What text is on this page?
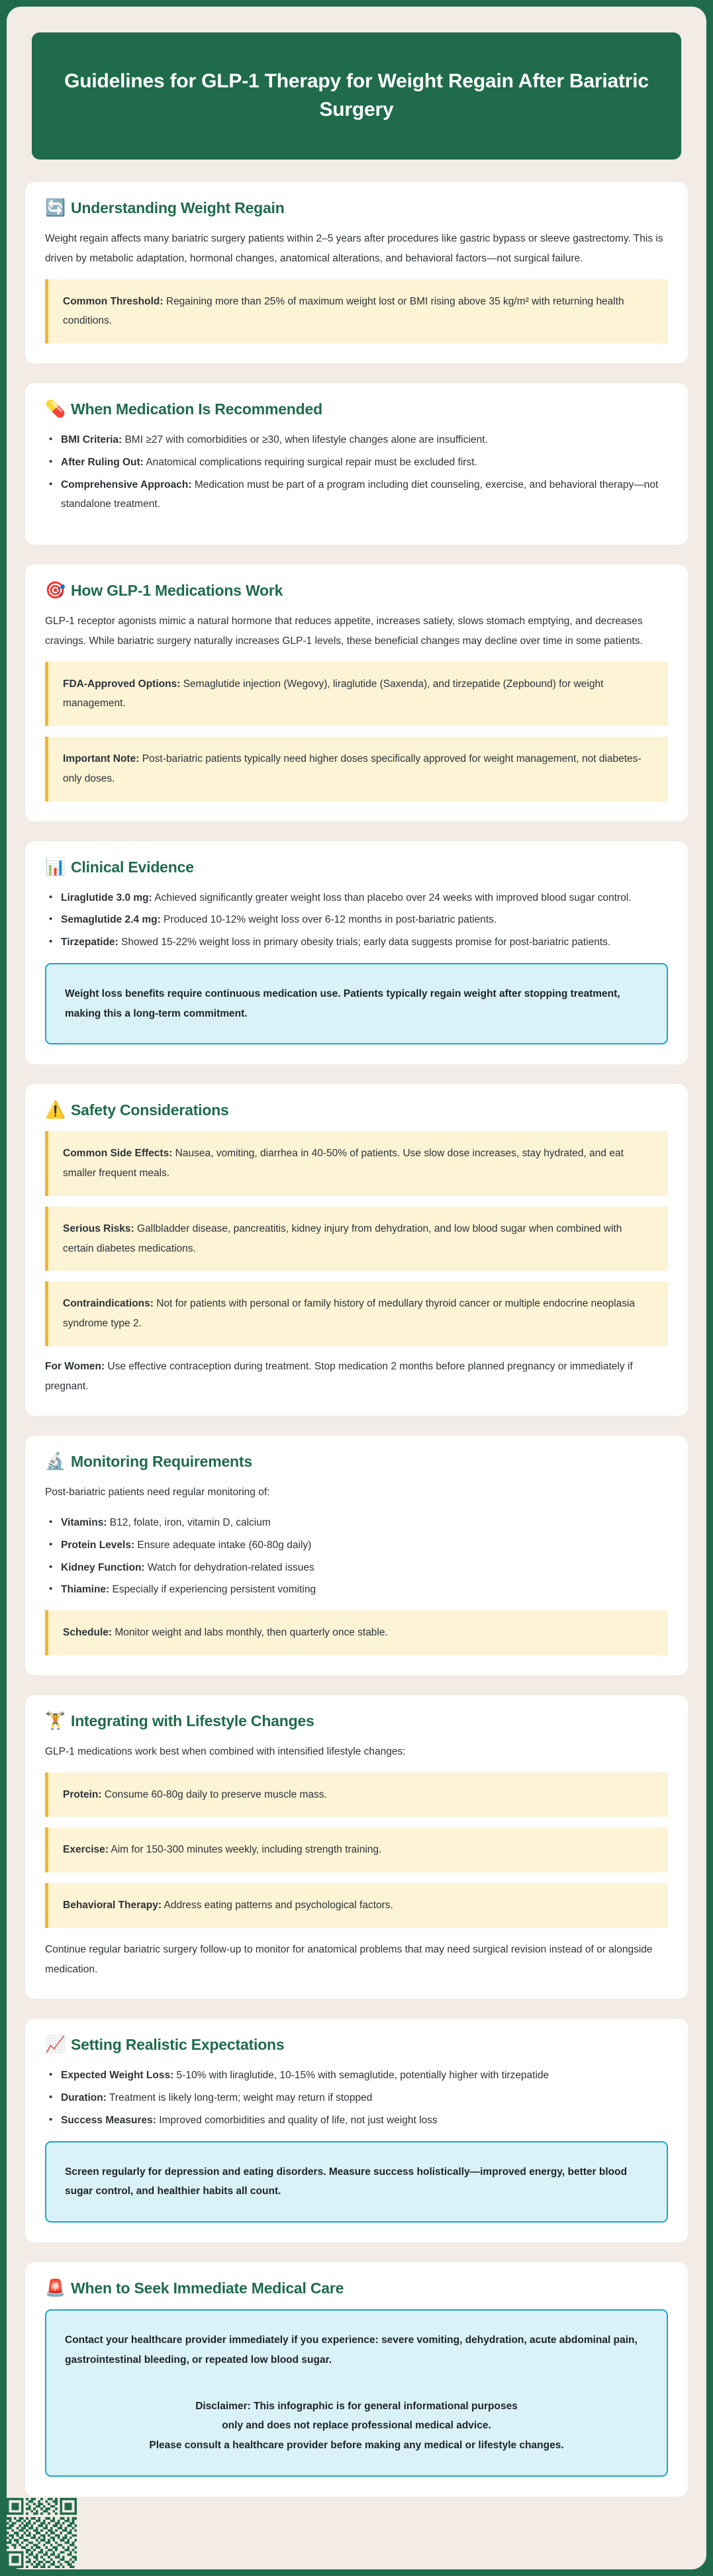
Guidelines for GLP-1 Therapy for Weight Regain After Bariatric Surgery
🔄 Understanding Weight Regain

Weight regain affects many bariatric surgery patients within 2–5 years after procedures like gastric bypass or sleeve gastrectomy. This is driven by metabolic adaptation, hormonal changes, anatomical alterations, and behavioral factors—not surgical failure.

Common Threshold: Regaining more than 25% of maximum weight lost or BMI rising above 35 kg/m² with returning health conditions.
💊 When Medication Is Recommended
• BMI Criteria: BMI ≥27 with comorbidities or ≥30, when lifestyle changes alone are insufficient.
• After Ruling Out: Anatomical complications requiring surgical repair must be excluded first.
• Comprehensive Approach: Medication must be part of a program including diet counseling, exercise, and behavioral therapy—not standalone treatment.
🎯 How GLP-1 Medications Work

GLP-1 receptor agonists mimic a natural hormone that reduces appetite, increases satiety, slows stomach emptying, and decreases cravings. While bariatric surgery naturally increases GLP-1 levels, these beneficial changes may decline over time in some patients.

FDA-Approved Options: Semaglutide injection (Wegovy), liraglutide (Saxenda), and tirzepatide (Zepbound) for weight management.
Important Note: Post-bariatric patients typically need higher doses specifically approved for weight management, not diabetes-only doses.
📊 Clinical Evidence
• Liraglutide 3.0 mg: Achieved significantly greater weight loss than placebo over 24 weeks with improved blood sugar control.
• Semaglutide 2.4 mg: Produced 10-12% weight loss over 6-12 months in post-bariatric patients.
• Tirzepatide: Showed 15-22% weight loss in primary obesity trials; early data suggests promise for post-bariatric patients.
Weight loss benefits require continuous medication use. Patients typically regain weight after stopping treatment, making this a long-term commitment.
⚠️ Safety Considerations
Common Side Effects: Nausea, vomiting, diarrhea in 40-50% of patients. Use slow dose increases, stay hydrated, and eat smaller frequent meals.
Serious Risks: Gallbladder disease, pancreatitis, kidney injury from dehydration, and low blood sugar when combined with certain diabetes medications.
Contraindications: Not for patients with personal or family history of medullary thyroid cancer or multiple endocrine neoplasia syndrome type 2.

For Women: Use effective contraception during treatment. Stop medication 2 months before planned pregnancy or immediately if pregnant.

🔬 Monitoring Requirements

Post-bariatric patients need regular monitoring of:

• Vitamins: B12, folate, iron, vitamin D, calcium
• Protein Levels: Ensure adequate intake (60-80g daily)
• Kidney Function: Watch for dehydration-related issues
• Thiamine: Especially if experiencing persistent vomiting
Schedule: Monitor weight and labs monthly, then quarterly once stable.
🏋️ Integrating with Lifestyle Changes

GLP-1 medications work best when combined with intensified lifestyle changes:

Protein: Consume 60-80g daily to preserve muscle mass.
Exercise: Aim for 150-300 minutes weekly, including strength training.
Behavioral Therapy: Address eating patterns and psychological factors.

Continue regular bariatric surgery follow-up to monitor for anatomical problems that may need surgical revision instead of or alongside medication.

📈 Setting Realistic Expectations
• Expected Weight Loss: 5-10% with liraglutide, 10-15% with semaglutide, potentially higher with tirzepatide
• Duration: Treatment is likely long-term; weight may return if stopped
• Success Measures: Improved comorbidities and quality of life, not just weight loss
Screen regularly for depression and eating disorders. Measure success holistically—improved energy, better blood sugar control, and healthier habits all count.
🚨 When to Seek Immediate Medical Care
Contact your healthcare provider immediately if you experience: severe vomiting, dehydration, acute abdominal pain, gastrointestinal bleeding, or repeated low blood sugar.
Disclaimer: This infographic is for general informational purposes
only and does not replace professional medical advice.
Please consult a healthcare provider before making any medical or lifestyle changes.
